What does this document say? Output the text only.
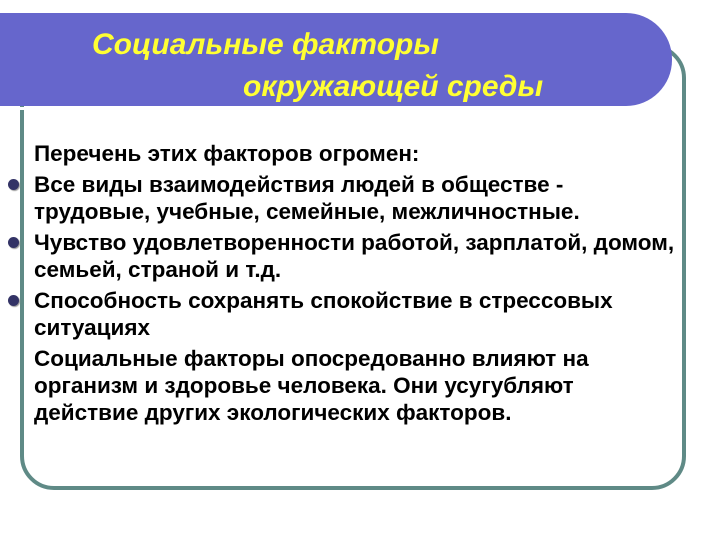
Социальные факторы
окружающей среды

Перечень этих факторов огромен:

Все виды взаимодействия людей в обществе - трудовые, учебные, семейные, межличностные.
Чувство удовлетворенности работой, зарплатой, домом, семьей, страной и т.д.
Способность сохранять спокойствие в стрессовых ситуациях

Социальные факторы опосредованно влияют на организм и здоровье человека. Они усугубляют действие других экологических факторов.
